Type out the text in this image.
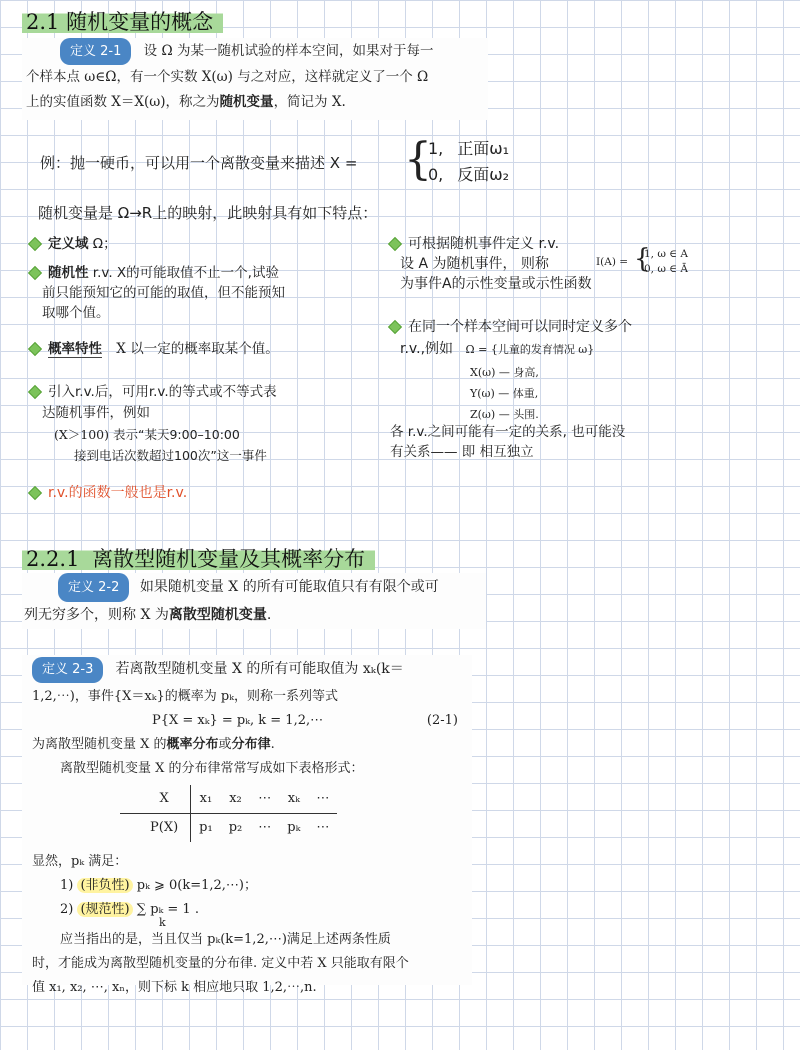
2.1 随机变量的概念
定义 2-1 设 Ω 为某一随机试验的样本空间，如果对于每一
个样本点 ω∈Ω，有一个实数 X(ω) 与之对应，这样就定义了一个 Ω
上的实值函数 X＝X(ω)，称之为随机变量，简记为 X.
例：抛一硬币，可以用一个离散变量来描述 X = {
1, 正面ω₁
0, 反面ω₂
随机变量是 Ω→R上的映射，此映射具有如下特点：
定义域 Ω；
随机性 r.v. X的可能取值不止一个,试验
前只能预知它的可能的取值，但不能预知
取哪个值。
概率特性 X 以一定的概率取某个值。
引入r.v.后，可用r.v.的等式或不等式表
达随机事件，例如
(X＞100) 表示“某天9:00–10:00
接到电话次数超过100次”这一事件
r.v.的函数一般也是r.v.
可根据随机事件定义 r.v.
设 A 为随机事件， 则称
为事件A的示性变量或示性函数
I(A) = {
1, ω ∈ A
0, ω ∈ Ā
在同一个样本空间可以同时定义多个
r.v.,例如 Ω = {儿童的发育情况 ω}
X(ω) — 身高,
Y(ω) — 体重,
Z(ω) — 头围.
各 r.v.之间可能有一定的关系, 也可能没
有关系—— 即 相互独立
2.2.1 离散型随机变量及其概率分布
定义 2-2 如果随机变量 X 的所有可能取值只有有限个或可
列无穷多个，则称 X 为离散型随机变量.
定义 2-3 若离散型随机变量 X 的所有可能取值为 xₖ(k＝
1,2,⋯)，事件{X＝xₖ}的概率为 pₖ，则称一系列等式
P{X = xₖ} = pₖ, k = 1,2,⋯	(2-1)
为离散型随机变量 X 的概率分布或分布律.
离散型随机变量 X 的分布律常常写成如下表格形式：
X	x₁	x₂	⋯	xₖ	⋯
P(X)	p₁	p₂	⋯	pₖ	⋯
显然，pₖ 满足：
1) (非负性) pₖ ⩾ 0(k=1,2,⋯)；
2) (规范性) ∑ pₖ = 1 .
k
应当指出的是，当且仅当 pₖ(k=1,2,⋯)满足上述两条性质
时，才能成为离散型随机变量的分布律. 定义中若 X 只能取有限个
值 x₁, x₂, ⋯, xₙ，则下标 k 相应地只取 1,2,⋯,n.
